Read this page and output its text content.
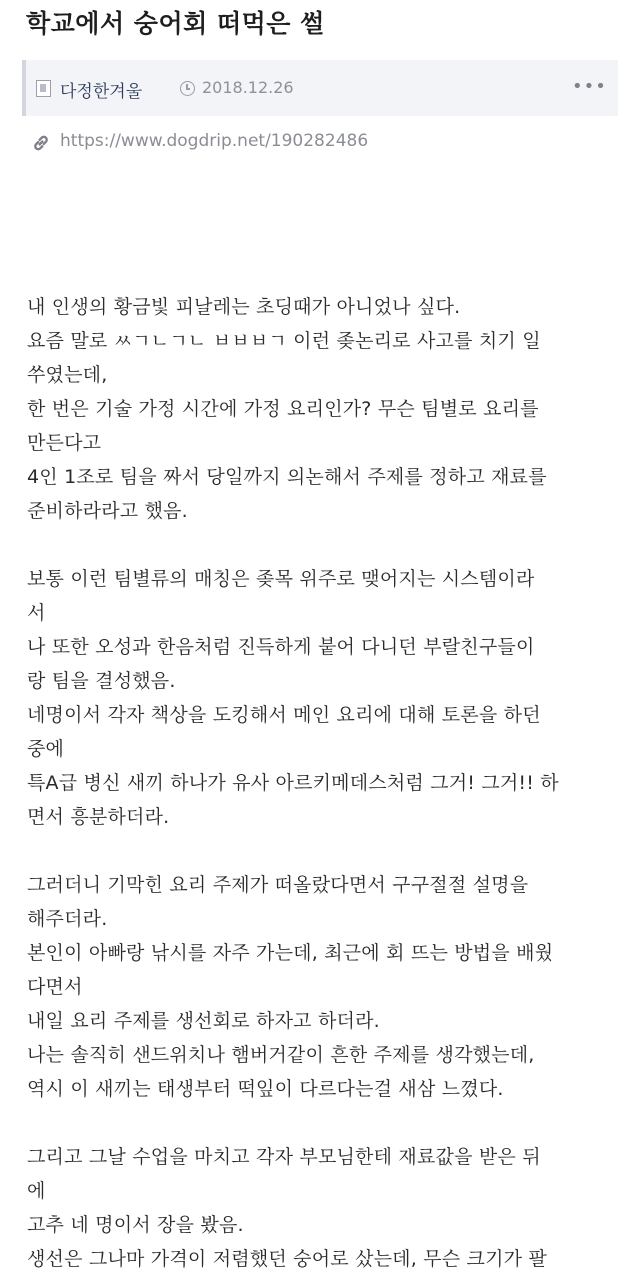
학교에서 숭어회 떠먹은 썰
다정한겨울	2018.12.26	•••
https://www.dogdrip.net/190282486
내 인생의 황금빛 피날레는 초딩때가 아니었나 싶다.
요즘 말로 ㅆㄱㄴㄱㄴ ㅂㅂㅂㄱ 이런 좆논리로 사고를 치기 일
쑤였는데,
한 번은 기술 가정 시간에 가정 요리인가? 무슨 팀별로 요리를
만든다고
4인 1조로 팀을 짜서 당일까지 의논해서 주제를 정하고 재료를
준비하라라고 했음.
보통 이런 팀별류의 매칭은 좆목 위주로 맺어지는 시스템이라
서
나 또한 오성과 한음처럼 진득하게 붙어 다니던 부랄친구들이
랑 팀을 결성했음.
네명이서 각자 책상을 도킹해서 메인 요리에 대해 토론을 하던
중에
특A급 병신 새끼 하나가 유사 아르키메데스처럼 그거! 그거!! 하
면서 흥분하더라.
그러더니 기막힌 요리 주제가 떠올랐다면서 구구절절 설명을
해주더라.
본인이 아빠랑 낚시를 자주 가는데, 최근에 회 뜨는 방법을 배웠
다면서
내일 요리 주제를 생선회로 하자고 하더라.
나는 솔직히 샌드위치나 햄버거같이 흔한 주제를 생각했는데,
역시 이 새끼는 태생부터 떡잎이 다르다는걸 새삼 느꼈다.
그리고 그날 수업을 마치고 각자 부모님한테 재료값을 받은 뒤
에
고추 네 명이서 장을 봤음.
생선은 그나마 가격이 저렴했던 숭어로 샀는데, 무슨 크기가 팔
